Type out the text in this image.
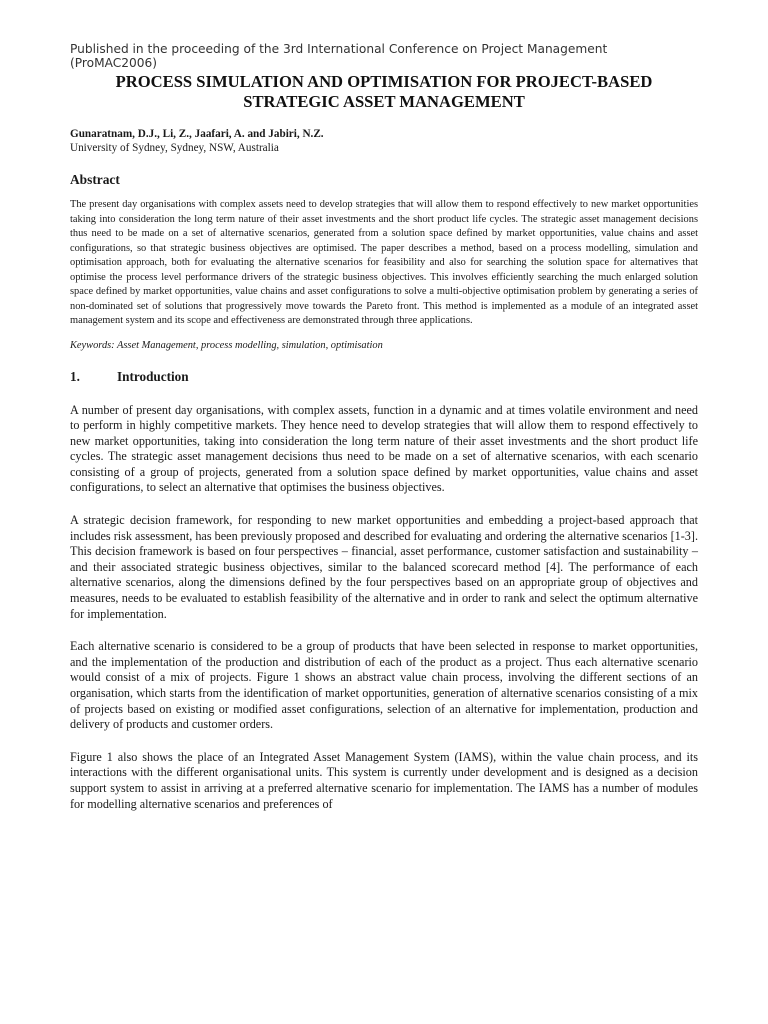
Published in the proceeding of the 3rd International Conference on Project Management (ProMAC2006)

PROCESS SIMULATION AND OPTIMISATION FOR PROJECT-BASED STRATEGIC ASSET MANAGEMENT

Gunaratnam, D.J., Li, Z., Jaafari, A. and Jabiri, N.Z.

University of Sydney, Sydney, NSW, Australia

Abstract

The present day organisations with complex assets need to develop strategies that will allow them to respond effectively to new market opportunities taking into consideration the long term nature of their asset investments and the short product life cycles. The strategic asset management decisions thus need to be made on a set of alternative scenarios, generated from a solution space defined by market opportunities, value chains and asset configurations, so that strategic business objectives are optimised. The paper describes a method, based on a process modelling, simulation and optimisation approach, both for evaluating the alternative scenarios for feasibility and also for searching the solution space for alternatives that optimise the process level performance drivers of the strategic business objectives. This involves efficiently searching the much enlarged solution space defined by market opportunities, value chains and asset configurations to solve a multi-objective optimisation problem by generating a series of non-dominated set of solutions that progressively move towards the Pareto front. This method is implemented as a module of an integrated asset management system and its scope and effectiveness are demonstrated through three applications.

Keywords: Asset Management, process modelling, simulation, optimisation

1.	Introduction

A number of present day organisations, with complex assets, function in a dynamic and at times volatile environment and need to perform in highly competitive markets. They hence need to develop strategies that will allow them to respond effectively to new market opportunities, taking into consideration the long term nature of their asset investments and the short product life cycles. The strategic asset management decisions thus need to be made on a set of alternative scenarios, with each scenario consisting of a group of projects, generated from a solution space defined by market opportunities, value chains and asset configurations, to select an alternative that optimises the business objectives.

A strategic decision framework, for responding to new market opportunities and embedding a project-based approach that includes risk assessment, has been previously proposed and described for evaluating and ordering the alternative scenarios [1-3]. This decision framework is based on four perspectives – financial, asset performance, customer satisfaction and sustainability – and their associated strategic business objectives, similar to the balanced scorecard method [4]. The performance of each alternative scenarios, along the dimensions defined by the four perspectives based on an appropriate group of objectives and measures, needs to be evaluated to establish feasibility of the alternative and in order to rank and select the optimum alternative for implementation.

Each alternative scenario is considered to be a group of products that have been selected in response to market opportunities, and the implementation of the production and distribution of each of the product as a project. Thus each alternative scenario would consist of a mix of projects. Figure 1 shows an abstract value chain process, involving the different sections of an organisation, which starts from the identification of market opportunities, generation of alternative scenarios consisting of a mix of projects based on existing or modified asset configurations, selection of an alternative for implementation, production and delivery of products and customer orders.

Figure 1 also shows the place of an Integrated Asset Management System (IAMS), within the value chain process, and its interactions with the different organisational units. This system is currently under development and is designed as a decision support system to assist in arriving at a preferred alternative scenario for implementation. The IAMS has a number of modules for modelling alternative scenarios and preferences of
